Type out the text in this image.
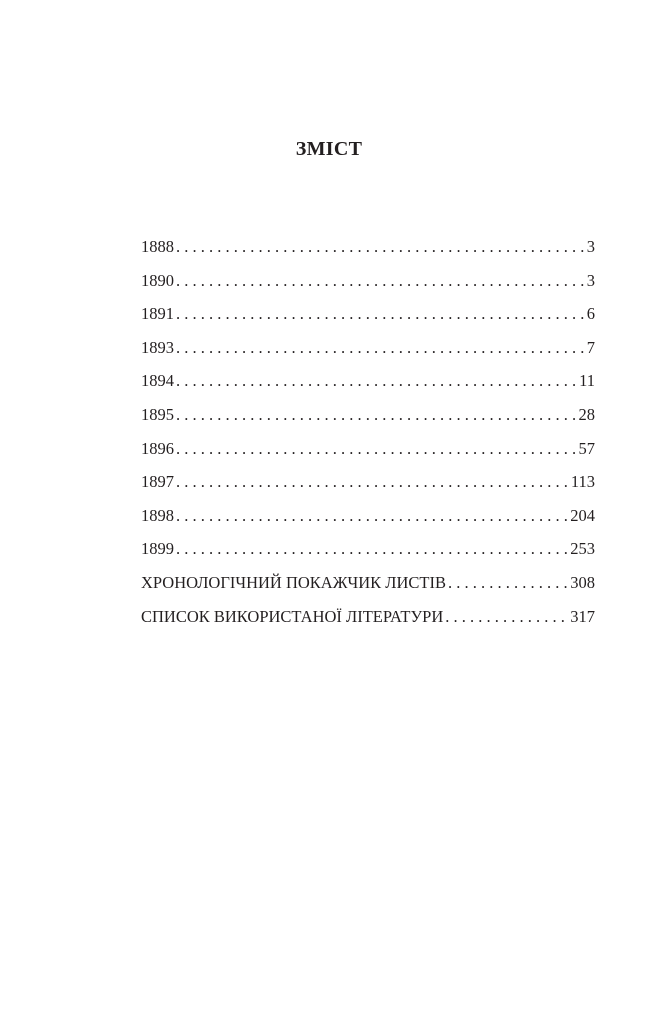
ЗМІСТ
1888 . . .	3
1890 . . .	3
1891 . . .	6
1893 . . .	7
1894 . . .	11
1895 . . .	28
1896 . . .	57
1897 . . .	113
1898 . . .	204
1899 . . .	253
ХРОНОЛОГІЧНИЙ ПОКАЖЧИК ЛИСТІВ . . .	308
СПИСОК ВИКОРИСТАНОЇ ЛІТЕРАТУРИ . . .	317
